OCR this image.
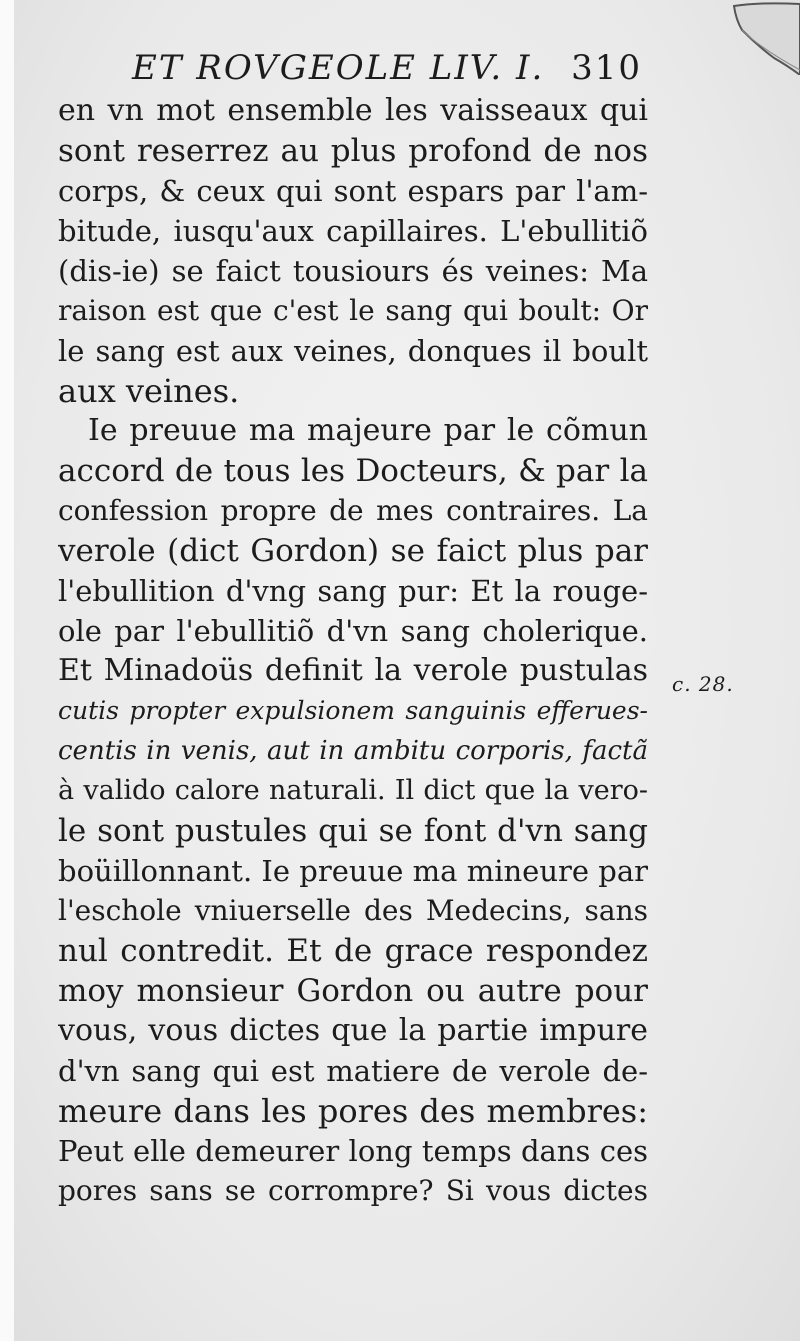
ET ROVGEOLE LIV. I. 310
en vn mot ensemble les vaisseaux qui
sont reserrez au plus profond de nos
corps, & ceux qui sont espars par l'am-
bitude, iusqu'aux capillaires. L'ebullitiõ
(dis-ie) se faict tousiours és veines: Ma
raison est que c'est le sang qui boult: Or
le sang est aux veines, donques il boult
aux veines.
Ie preuue ma majeure par le cõmun
accord de tous les Docteurs, & par la
confession propre de mes contraires. La
verole (dict Gordon) se faict plus par
l'ebullition d'vng sang pur: Et la rouge-
ole par l'ebullitiõ d'vn sang cholerique.
Et Minadoüs definit la verole pustulas
cutis propter expulsionem sanguinis efferues-
centis in venis, aut in ambitu corporis, factã
à valido calore naturali. Il dict que la vero-
le sont pustules qui se font d'vn sang
boüillonnant. Ie preuue ma mineure par
l'eschole vniuerselle des Medecins, sans
nul contredit. Et de grace respondez
moy monsieur Gordon ou autre pour
vous, vous dictes que la partie impure
d'vn sang qui est matiere de verole de-
meure dans les pores des membres:
Peut elle demeurer long temps dans ces
pores sans se corrompre? Si vous dictes
c. 28.
